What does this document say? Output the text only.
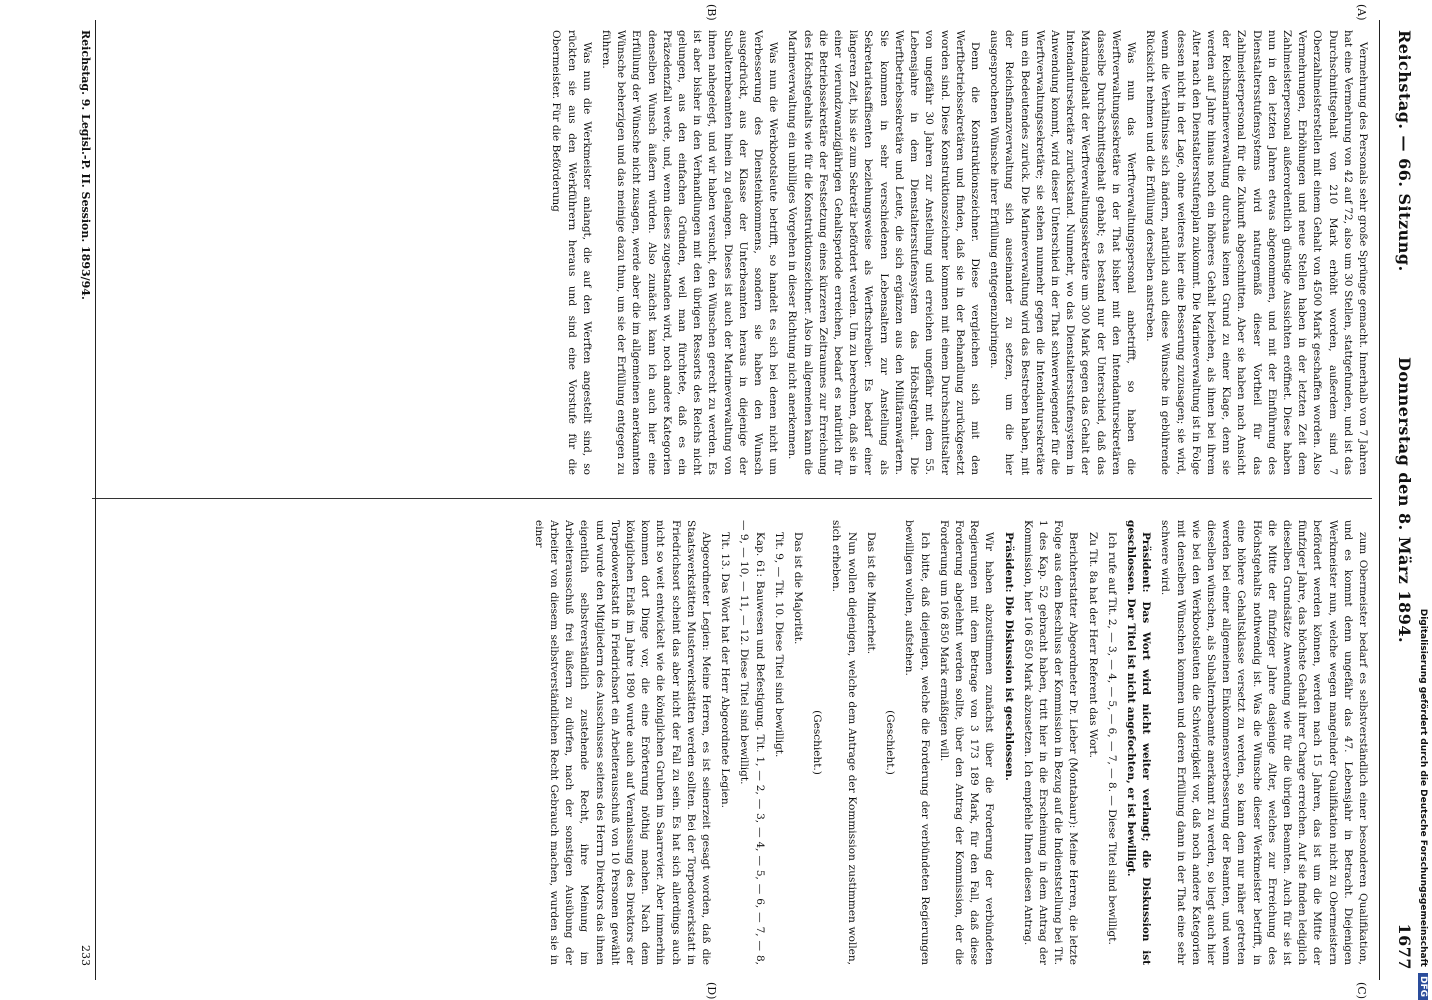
Digitalisierung gefördert durch die Deutsche Forschungsgemeinschaft DFG
Reichstag. — 66. Sitzung.
Donnerstag den 8. März 1894.
1677
(A)
(B)
(C)
(D)

Vermehrung des Personals sehr große Sprünge gemacht. Innerhalb von 7 Jahren hat eine Vermehrung von 42 auf 72, also um 30 Stellen, stattgefunden, und ist das Durchschnittsgehalt von 210 Mark erhöht worden, außerdem sind 7 Oberzahlmeisterstellen mit einem Gehalt von 4500 Mark geschaffen worden. Also Vermehrungen, Erhöhungen und neue Stellen haben in der letzten Zeit dem Zahlmeisterpersonal außerordentlich günstige Aussichten eröffnet. Diese haben nun in den letzten Jahren etwas abgenommen, und mit der Einführung des Dienstaltersstufensystems wird naturgemäß dieser Vortheil für das Zahlmeisterpersonal für die Zukunft abgeschnitten. Aber sie haben nach Ansicht der Reichsmarineverwaltung durchaus keinen Grund zu einer Klage, denn sie werden auf Jahre hinaus noch ein höheres Gehalt beziehen, als ihnen bei ihrem Alter nach den Dienstaltersstufenplan zukommt. Die Marineverwaltung ist in Folge dessen nicht in der Lage, ohne weiteres hier eine Besserung zuzusagen; sie wird, wenn die Verhältnisse sich ändern, natürlich auch diese Wünsche in gebührende Rücksicht nehmen und die Erfüllung derselben anstreben.

Was nun das Werftverwaltungspersonal anbetrifft, so haben die Werftverwaltungssekretäre in der That bisher mit den Intendantursekretären dasselbe Durchschnittsgehalt gehabt; es bestand nur der Unterschied, daß das Maximalgehalt der Werftverwaltungssekretäre um 300 Mark gegen das Gehalt der Intendantursekretäre zurückstand. Nunmehr, wo das Dienstaltersstufensystem in Anwendung kommt, wird dieser Unterschied in der That schwerwiegender für die Werftverwaltungssekretäre; sie stehen nunmehr gegen die Intendantursekretäre um ein Bedeutendes zurück. Die Marineverwaltung wird das Bestreben haben, mit der Reichsfinanzverwaltung sich auseinander zu setzen, um die hier ausgesprochenen Wünsche ihrer Erfüllung entgegenzubringen.

Denn die Konstruktionszeichner. Diese vergleichen sich mit den Werftbetriebssekretären und finden, daß sie in der Behandlung zurückgesetzt worden sind. Diese Konstruktionszeichner kommen mit einem Durchschnittsalter von ungefähr 30 Jahren zur Anstellung und erreichen ungefähr mit dem 55. Lebensjahre in dem Dienstaltersstufensystem das Höchstgehalt. Die Werftbetriebssekretäre und Leute, die sich ergänzen aus den Militäranwärtern. Sie kommen in sehr verschiedenen Lebensaltern zur Anstellung als Sekretariatsaffisenten beziehungsweise als Werftschreiber. Es bedarf einer längeren Zeit, bis sie zum Sekretär befördert werden. Um zu berechnen, daß sie in einer vierundzwanzigjährigen Gehaltsperiode erreichen, bedarf es natürlich für die Betriebssekretäre der Festsetzung eines kürzeren Zeitraumes zur Erreichung des Höchstgehalts wie für die Konstruktionszeichner. Also im allgemeinen kann die Marineverwaltung ein unbilliges Vorgehen in dieser Richtung nicht anerkennen.

Was nun die Werkbootsleute betrifft, so handelt es sich bei denen nicht um Verbesserung des Diensteinkommens, sondern sie haben den Wunsch ausgedrückt, aus der Klasse der Unterbeamten heraus in diejenige der Subalternbeamten hinein zu gelangen. Dieses ist auch der Marineverwaltung von ihnen nahegelegt, und wir haben versucht, den Wünschen gerecht zu werden. Es ist aber bisher in den Verhandlungen mit den übrigen Ressorts des Reichs nicht gelungen, aus den einfachen Gründen, weil man fürchtete, daß es ein Präzedenzfall werde, und, wenn dieses zugestanden wird, noch andere Kategorien denselben Wunsch äußern würden. Also zunächst kann ich auch hier eine Erfüllung der Wünsche nicht zusagen, werde aber die im allgemeinen anerkannten Wünsche beherzigen und das meinige dazu thun, um sie der Erfüllung entgegen zu führen.

Was nun die Werkmeister anlangt, die auf den Werften angestellt sind, so rückten sie aus den Werkführern heraus und sind eine Vorstufe für die Obermeister. Für die Beförderung

zum Obermeister bedarf es selbstverständlich einer besonderen Qualifikation, und es kommt denn ungefähr das 47. Lebensjahr in Betracht. Diejenigen Werkmeister nun, welche wegen mangelnder Qualifikation nicht zu Obermeistern befördert werden können, werden nach 15 Jahren, das ist um die Mitte der fünfziger Jahre, das höchste Gehalt ihrer Charge erreichen. Auf sie finden lediglich dieselben Grundsätze Anwendung wie für die übrigen Beamten. Auch für sie ist die Mitte der fünfziger Jahre dasjenige Alter, welches zur Erreichung des Höchstgehalts nothwendig ist. Was die Wünsche dieser Werkmeister betrifft, in eine höhere Gehaltsklasse versetzt zu werden, so kann dem nur näher getreten werden bei einer allgemeinen Einkommensverbesserung der Beamten, und wenn dieselben wünschen, als Subalternbeamte anerkannt zu werden, so liegt auch hier wie bei den Werkbootsleuten die Schwierigkeit vor, daß noch andere Kategorien mit denselben Wünschen kommen und deren Erfüllung dann in der That eine sehr schwere wird.

Präsident: Das Wort wird nicht weiter verlangt; die Diskussion ist geschlossen. Der Titel ist nicht angefochten, er ist bewilligt.

Ich rufe auf Tit. 2, — 3, — 4, — 5, — 6, — 7, — 8. — Diese Titel sind bewilligt.

Zu Tit. 8a hat der Herr Referent das Wort.

Berichterstatter Abgeordneter Dr. Lieber (Montabaur): Meine Herren, die letzte Folge aus dem Beschluss der Kommission in Bezug auf die Indienststellung bei Tit. 1 des Kap. 52 gebracht haben, tritt hier in die Erscheinung in dem Antrag der Kommission, hier 106 850 Mark abzusetzen. Ich empfehle Ihnen diesen Antrag.

Präsident: Die Diskussion ist geschlossen.

Wir haben abzustimmen zunächst über die Forderung der verbündeten Regierungen mit dem Betrage von 3 173 189 Mark, für den Fall, daß diese Forderung abgelehnt werden sollte, über den Antrag der Kommission, der die Forderung um 106 850 Mark ermäßigen will.

Ich bitte, daß diejenigen, welche die Forderung der verbündeten Regierungen bewilligen wollen, aufstehen.

(Geschieht.)

Das ist die Minderheit.

Nun wollen diejenigen, welche dem Antrage der Kommission zustimmen wollen, sich erheben.

(Geschieht.)

Das ist die Majorität.

Tit. 9, — Tit. 10. Diese Titel sind bewilligt.

Kap. 61: Bauwesen und Befestigung. Tit. 1, — 2, — 3, — 4, — 5, — 6, — 7, — 8, — 9, — 10, — 11, — 12. Diese Titel sind bewilligt.

Tit. 13. Das Wort hat der Herr Abgeordnete Legien.

Abgeordneter Legien: Meine Herren, es ist seinerzeit gesagt worden, daß die Staatswerkstätten Musterwerkstätten werden sollten. Bei der Torpedowerkstatt in Friedrichsort scheint das aber nicht der Fall zu sein. Es hat sich allerdings auch nicht so weit entwickelt wie die königlichen Gruben im Saarrevier. Aber immerhin kommen dort Dinge vor, die eine Erörterung nöthig machen. Nach dem königlichen Erlaß im Jahre 1890 wurde auch auf Veranlassung des Direktors der Torpedowerkstatt in Friedrichsort ein Arbeiterausschuß von 10 Personen gewählt und wurde den Mitgliedern des Ausschusses seitens des Herrn Direktors das ihnen eigentlich selbstverständlich zustehende Recht, ihre Meinung im Arbeiterausschuß frei äußern zu dürfen, nach der sonstigen Ausübung der Arbeiter von diesem selbstverständlichen Recht Gebrauch machen, wurden sie in einer

Reichstag. 9. Legisl.-P. II. Session. 1893/94.
233
